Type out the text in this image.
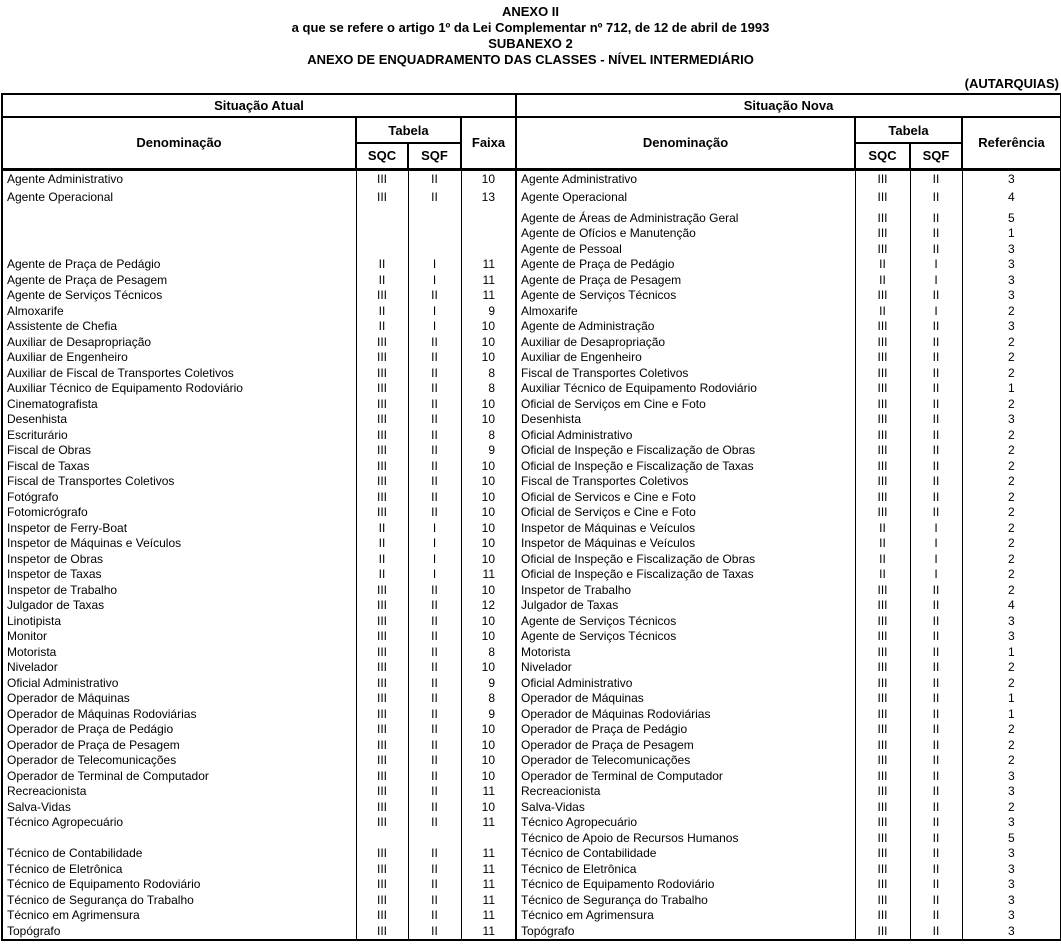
ANEXO II
a que se refere o artigo 1º da Lei Complementar nº 712, de 12 de abril de 1993
SUBANEXO 2
ANEXO DE ENQUADRAMENTO DAS CLASSES - NÍVEL INTERMEDIÁRIO
(AUTARQUIAS)
Situação Atual				Situação Nova			
Denominação	Tabela		Faixa	Denominação	Tabela		Referência
	SQC	SQF			SQC	SQF	
Agente Administrativo	III	II	10	Agente Administrativo	III	II	3
Agente Operacional	III	II	13	Agente Operacional	III	II	4
				Agente de Áreas de Administração Geral	III	II	5
				Agente de Ofícios e Manutenção	III	II	1
				Agente de Pessoal	III	II	3
Agente de Praça de Pedágio	II	I	11	Agente de Praça de Pedágio	II	I	3
Agente de Praça de Pesagem	II	I	11	Agente de Praça de Pesagem	II	I	3
Agente de Serviços Técnicos	III	II	11	Agente de Serviços Técnicos	III	II	3
Almoxarife	II	I	9	Almoxarife	II	I	2
Assistente de Chefia	II	I	10	Agente de Administração	III	II	3
Auxiliar de Desapropriação	III	II	10	Auxiliar de Desapropriação	III	II	2
Auxiliar de Engenheiro	III	II	10	Auxiliar de Engenheiro	III	II	2
Auxiliar de Fiscal de Transportes Coletivos	III	II	8	Fiscal de Transportes Coletivos	III	II	2
Auxiliar Técnico de Equipamento Rodoviário	III	II	8	Auxiliar Técnico de Equipamento Rodoviário	III	II	1
Cinematografista	III	II	10	Oficial de Serviços em Cine e Foto	III	II	2
Desenhista	III	II	10	Desenhista	III	II	3
Escriturário	III	II	8	Oficial Administrativo	III	II	2
Fiscal de Obras	III	II	9	Oficial de Inspeção e Fiscalização de Obras	III	II	2
Fiscal de Taxas	III	II	10	Oficial de Inspeção e Fiscalização de Taxas	III	II	2
Fiscal de Transportes Coletivos	III	II	10	Fiscal de Transportes Coletivos	III	II	2
Fotógrafo	III	II	10	Oficial de Servicos e Cine e Foto	III	II	2
Fotomicrógrafo	III	II	10	Oficial de Serviços e Cine e Foto	III	II	2
Inspetor de Ferry-Boat	II	I	10	Inspetor de Máquinas e Veículos	II	I	2
Inspetor de Máquinas e Veículos	II	I	10	Inspetor de Máquinas e Veículos	II	I	2
Inspetor de Obras	II	I	10	Oficial de Inspeção e Fiscalização de Obras	II	I	2
Inspetor de Taxas	II	I	11	Oficial de Inspeção e Fiscalização de Taxas	II	I	2
Inspetor de Trabalho	III	II	10	Inspetor de Trabalho	III	II	2
Julgador de Taxas	III	II	12	Julgador de Taxas	III	II	4
Linotipista	III	II	10	Agente de Serviços Técnicos	III	II	3
Monitor	III	II	10	Agente de Serviços Técnicos	III	II	3
Motorista	III	II	8	Motorista	III	II	1
Nivelador	III	II	10	Nivelador	III	II	2
Oficial Administrativo	III	II	9	Oficial Administrativo	III	II	2
Operador de Máquinas	III	II	8	Operador de Máquinas	III	II	1
Operador de Máquinas Rodoviárias	III	II	9	Operador de Máquinas Rodoviárias	III	II	1
Operador de Praça de Pedágio	III	II	10	Operador de Praça de Pedágio	III	II	2
Operador de Praça de Pesagem	III	II	10	Operador de Praça de Pesagem	III	II	2
Operador de Telecomunicações	III	II	10	Operador de Telecomunicações	III	II	2
Operador de Terminal de Computador	III	II	10	Operador de Terminal de Computador	III	II	3
Recreacionista	III	II	11	Recreacionista	III	II	3
Salva-Vidas	III	II	10	Salva-Vidas	III	II	2
Técnico Agropecuário	III	II	11	Técnico Agropecuário	III	II	3
				Técnico de Apoio de Recursos Humanos	III	II	5
Técnico de Contabilidade	III	II	11	Técnico de Contabilidade	III	II	3
Técnico de Eletrônica	III	II	11	Técnico de Eletrônica	III	II	3
Técnico de Equipamento Rodoviário	III	II	11	Técnico de Equipamento Rodoviário	III	II	3
Técnico de Segurança do Trabalho	III	II	11	Técnico de Segurança do Trabalho	III	II	3
Técnico em Agrimensura	III	II	11	Técnico em Agrimensura	III	II	3
Topógrafo	III	II	11	Topógrafo	III	II	3
